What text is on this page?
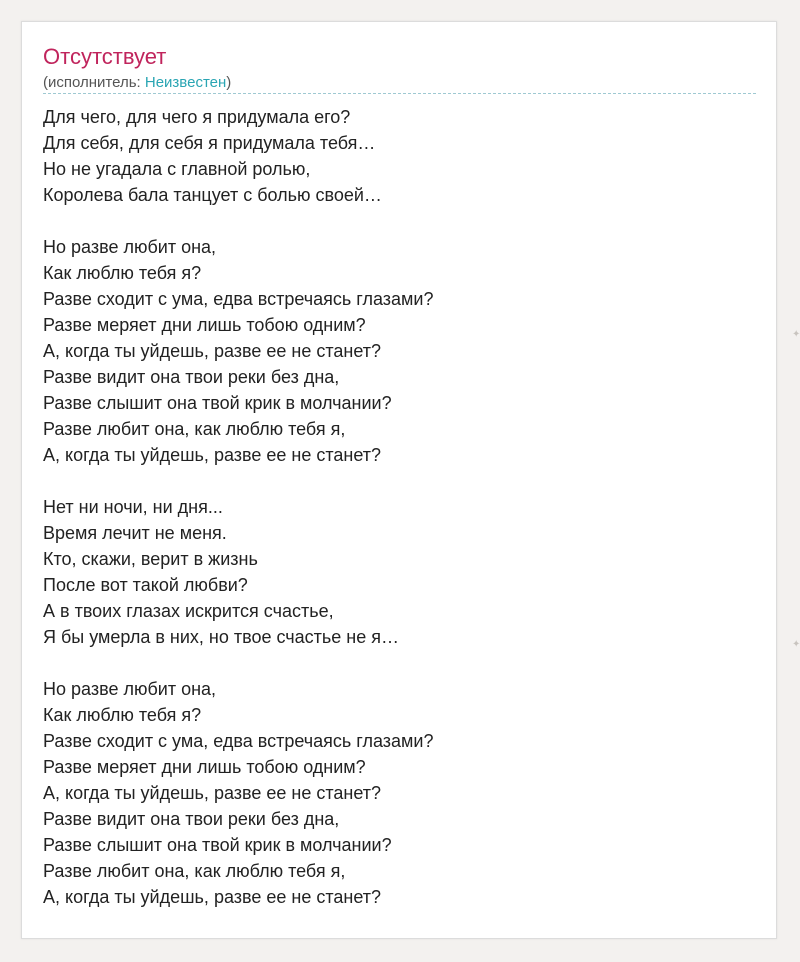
Отсутствует
(исполнитель: Неизвестен)
Для чего, для чего я придумала его?
Для себя, для себя я придумала тебя…
Но не угадала с главной ролью,
Королева бала танцует с болью своей…
Но разве любит она,
Как люблю тебя я?
Разве сходит с ума, едва встречаясь глазами?
Разве меряет дни лишь тобою одним?
А, когда ты уйдешь, разве ее не станет?
Разве видит она твои реки без дна,
Разве слышит она твой крик в молчании?
Разве любит она, как люблю тебя я,
А, когда ты уйдешь, разве ее не станет?
Нет ни ночи, ни дня...
Время лечит не меня.
Кто, скажи, верит в жизнь
После вот такой любви?
А в твоих глазах искрится счастье,
Я бы умерла в них, но твое счастье не я…
Но разве любит она,
Как люблю тебя я?
Разве сходит с ума, едва встречаясь глазами?
Разве меряет дни лишь тобою одним?
А, когда ты уйдешь, разве ее не станет?
Разве видит она твои реки без дна,
Разве слышит она твой крик в молчании?
Разве любит она, как люблю тебя я,
А, когда ты уйдешь, разве ее не станет?
✦
✦
